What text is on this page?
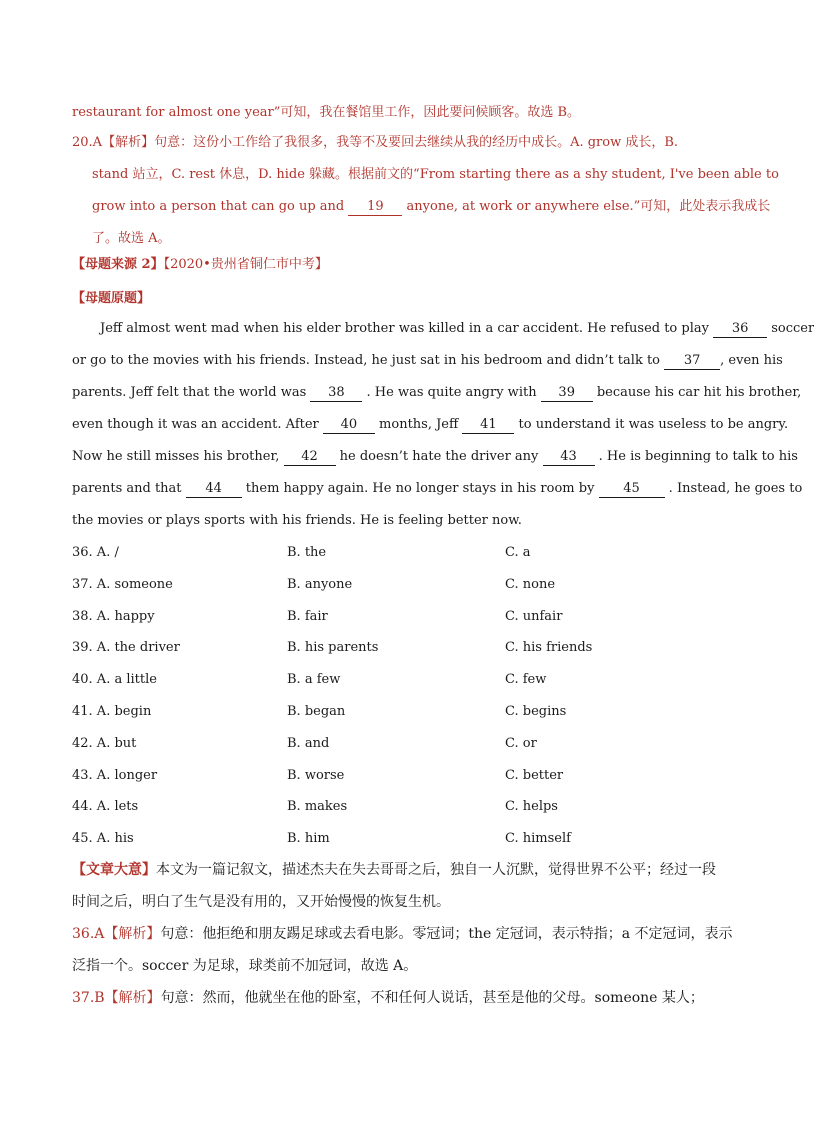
restaurant for almost one year”可知，我在餐馆里工作，因此要问候顾客。故选 B。
20.A【解析】句意：这份小工作给了我很多，我等不及要回去继续从我的经历中成长。A. grow 成长，B.
stand 站立，C. rest 休息，D. hide 躲藏。根据前文的“From starting there as a shy student, I've been able to
grow into a person that can go up and 19 anyone, at work or anywhere else.”可知，此处表示我成长
了。故选 A。
【母题来源 2】【2020•贵州省铜仁市中考】
【母题原题】
Jeff almost went mad when his elder brother was killed in a car accident. He refused to play 36 soccer
or go to the movies with his friends. Instead, he just sat in his bedroom and didn’t talk to 37 , even his
parents. Jeff felt that the world was 38 . He was quite angry with 39 because his car hit his brother,
even though it was an accident. After 40 months, Jeff 41 to understand it was useless to be angry.
Now he still misses his brother, 42 he doesn’t hate the driver any 43 . He is beginning to talk to his
parents and that 44 them happy again. He no longer stays in his room by 45 . Instead, he goes to
the movies or plays sports with his friends. He is feeling better now.
36. A. /	B. the	C. a
37. A. someone	B. anyone	C. none
38. A. happy	B. fair	C. unfair
39. A. the driver	B. his parents	C. his friends
40. A. a little	B. a few	C. few
41. A. begin	B. began	C. begins
42. A. but	B. and	C. or
43. A. longer	B. worse	C. better
44. A. lets	B. makes	C. helps
45. A. his	B. him	C. himself
【文章大意】本文为一篇记叙文，描述杰夫在失去哥哥之后，独自一人沉默，觉得世界不公平；经过一段
时间之后，明白了生气是没有用的，又开始慢慢的恢复生机。
36.A【解析】句意：他拒绝和朋友踢足球或去看电影。零冠词；the 定冠词，表示特指；a 不定冠词，表示
泛指一个。soccer 为足球，球类前不加冠词，故选 A。
37.B【解析】句意：然而，他就坐在他的卧室，不和任何人说话，甚至是他的父母。someone 某人；
